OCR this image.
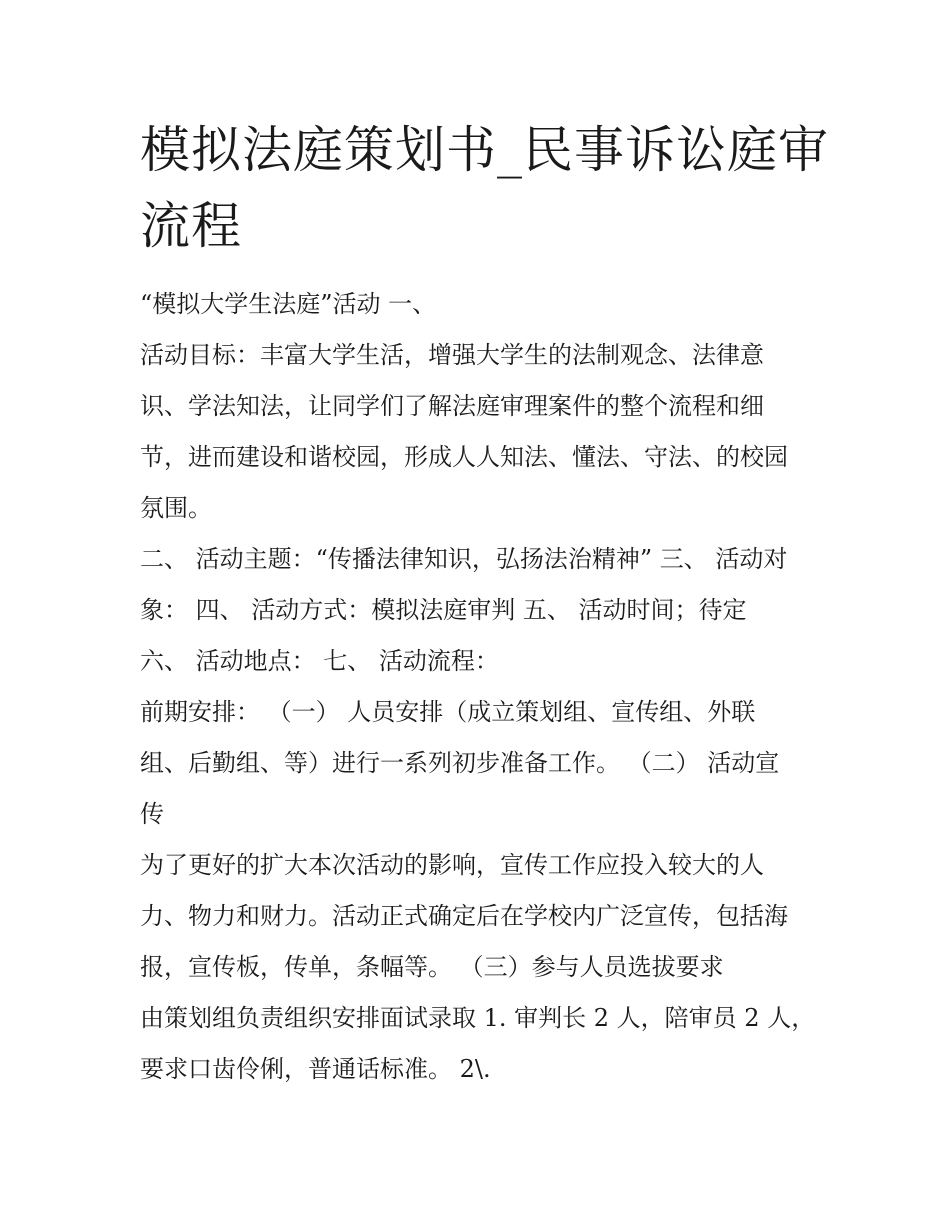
模拟法庭策划书_民事诉讼庭审
流程
“模拟大学生法庭”活动 一、
活动目标：丰富大学生活，增强大学生的法制观念、法律意
识、学法知法，让同学们了解法庭审理案件的整个流程和细
节，进而建设和谐校园，形成人人知法、懂法、守法、的校园
氛围。
二、 活动主题：“传播法律知识，弘扬法治精神” 三、 活动对
象： 四、 活动方式：模拟法庭审判 五、 活动时间；待定
六、 活动地点： 七、 活动流程：
前期安排： （一） 人员安排（成立策划组、宣传组、外联
组、后勤组、等）进行一系列初步准备工作。 （二） 活动宣
传
为了更好的扩大本次活动的影响，宣传工作应投入较大的人
力、物力和财力。活动正式确定后在学校内广泛宣传，包括海
报，宣传板，传单，条幅等。 （三）参与人员选拔要求
由策划组负责组织安排面试录取 1. 审判长 2 人，陪审员 2 人，
要求口齿伶俐，普通话标准。 2\.
